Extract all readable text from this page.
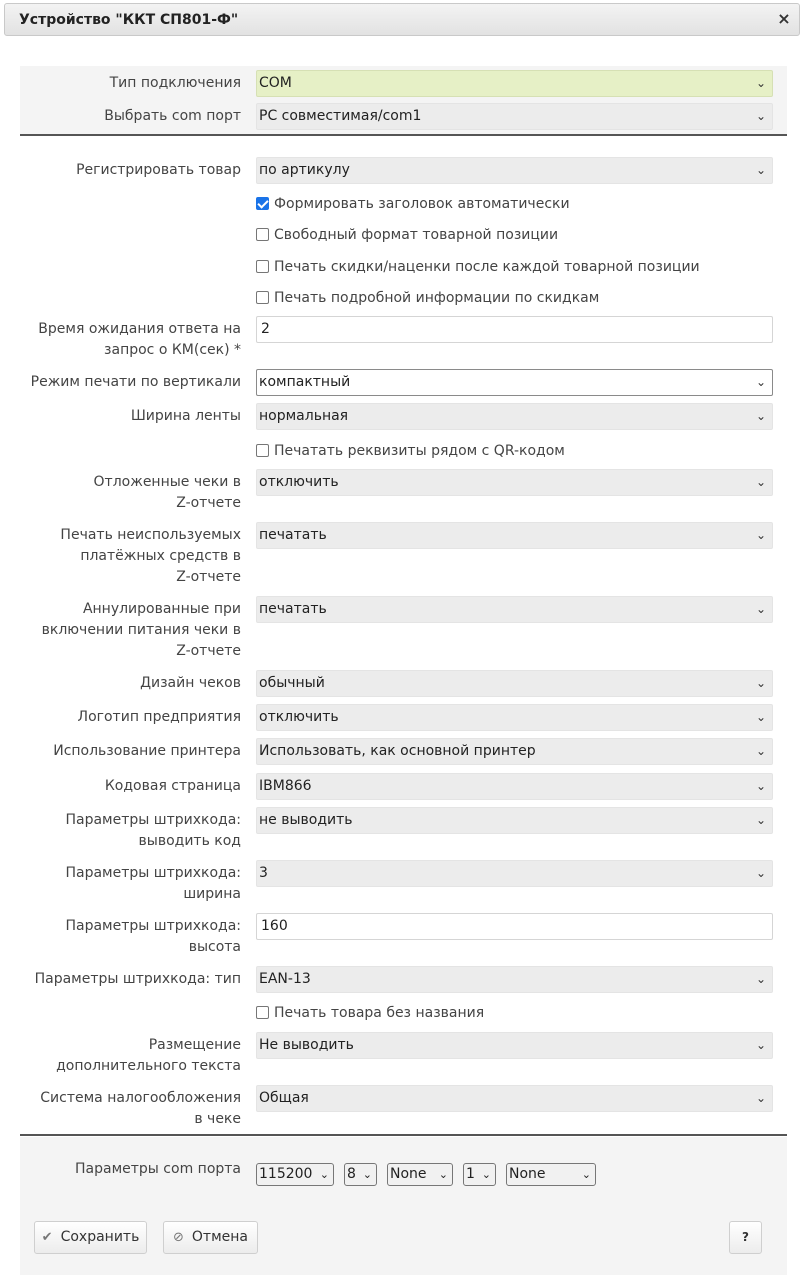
Устройство "ККТ СП801-Ф"	×
Тип подключения COM	⌄
Выбрать com порт PC совместимая/com1	⌄
Регистрировать товар по артикулу	⌄
Формировать заголовок автоматически
Свободный формат товарной позиции
Печать скидки/наценки после каждой товарной позиции
Печать подробной информации по скидкам
Время ожидания ответа на
запрос о КМ(сек) *
2
Режим печати по вертикали компактный	⌄
Ширина ленты нормальная	⌄
Печатать реквизиты рядом с QR-кодом
Отложенные чеки в
Z-отчете
отключить	⌄
Печать неиспользуемых
платёжных средств в
Z-отчете
печатать	⌄
Аннулированные при
включении питания чеки в
Z-отчете
печатать	⌄
Дизайн чеков обычный	⌄
Логотип предприятия отключить	⌄
Использование принтера Использовать, как основной принтер	⌄
Кодовая страница IBM866	⌄
Параметры штрихкода:
выводить код
не выводить	⌄
Параметры штрихкода:
ширина
3	⌄
Параметры штрихкода:
высота
160
Параметры штрихкода: тип EAN-13	⌄
Печать товара без названия
Размещение
дополнительного текста
Не выводить	⌄
Система налогообложения
в чеке
Общая	⌄
Параметры com порта 115200 ⌄ 8 ⌄ None ⌄ 1 ⌄ None	⌄
✔ Сохранить	⊘ Отмена	?
